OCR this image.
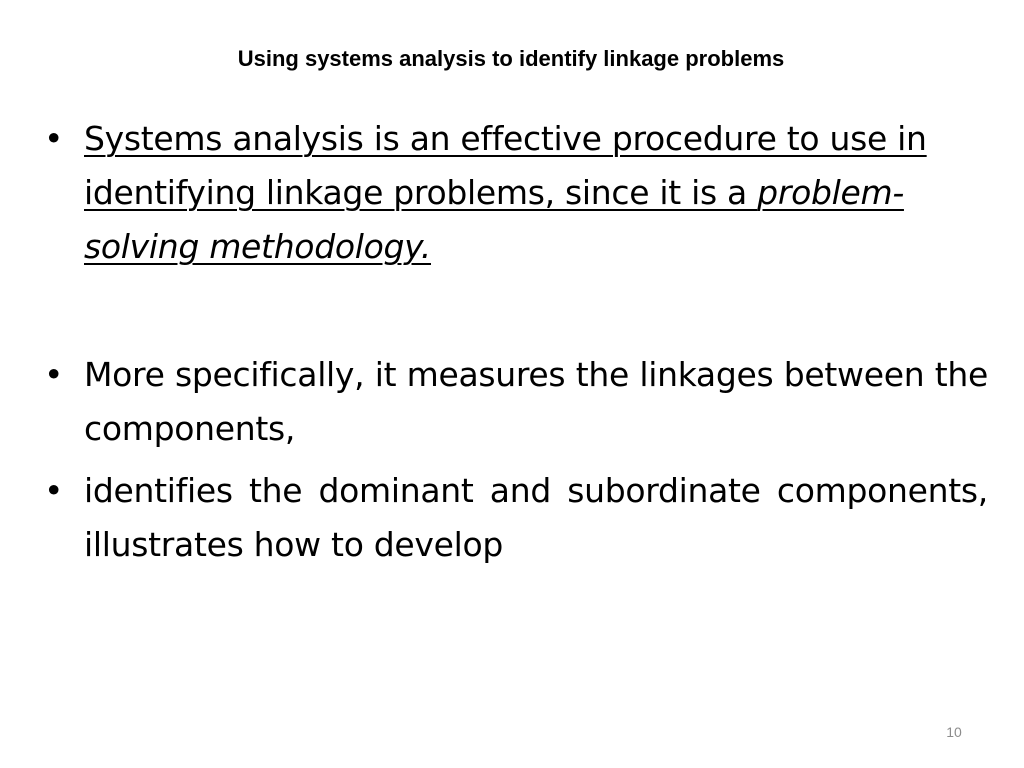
Using systems analysis to identify linkage problems
• Systems analysis is an effective procedure to use in identifying linkage problems, since it is a problem-solving methodology.
• More specifically, it measures the linkages between the components,
• identifies the dominant and subordinate components, illustrates how to develop
10
